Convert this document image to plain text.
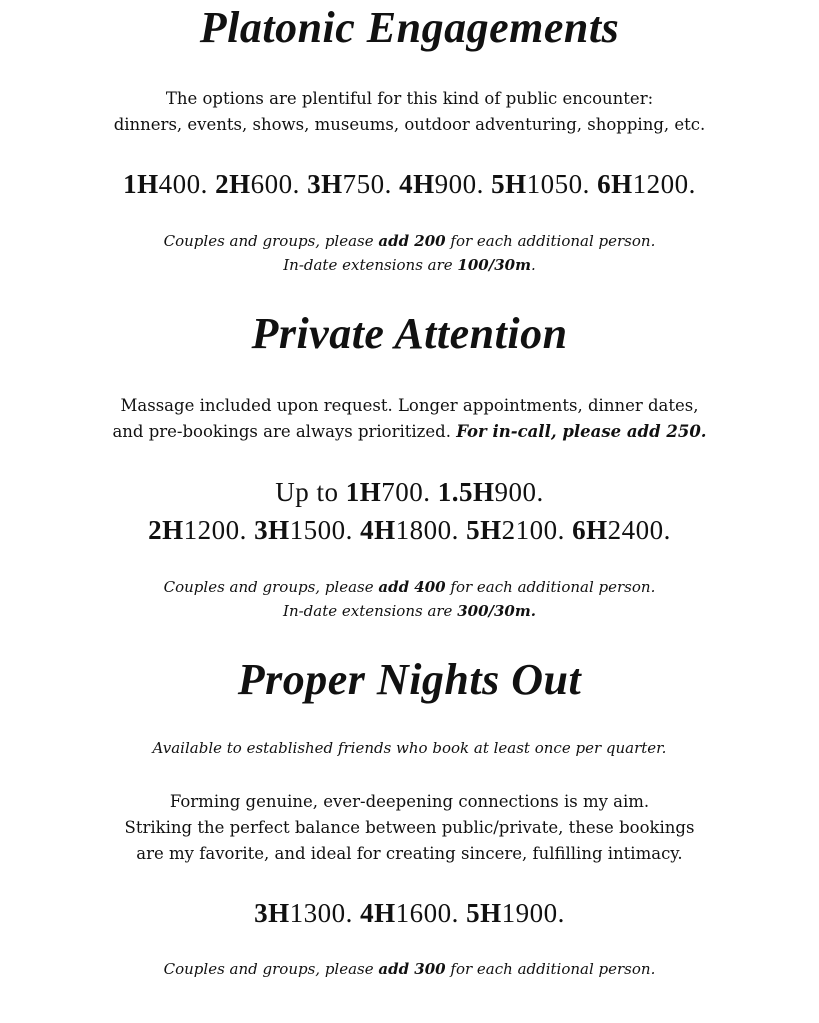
Platonic Engagements
The options are plentiful for this kind of public encounter:
dinners, events, shows, museums, outdoor adventuring, shopping, etc.
1H400. 2H600. 3H750. 4H900. 5H1050. 6H1200.
Couples and groups, please add 200 for each additional person.
In-date extensions are 100/30m.
Private Attention
Massage included upon request. Longer appointments, dinner dates,
and pre-bookings are always prioritized. For in-call, please add 250.
Up to 1H700. 1.5H900.
2H1200. 3H1500. 4H1800. 5H2100. 6H2400.
Couples and groups, please add 400 for each additional person.
In-date extensions are 300/30m.
Proper Nights Out
Available to established friends who book at least once per quarter.
Forming genuine, ever-deepening connections is my aim.
Striking the perfect balance between public/private, these bookings
are my favorite, and ideal for creating sincere, fulfilling intimacy.
3H1300. 4H1600. 5H1900.
Couples and groups, please add 300 for each additional person.
